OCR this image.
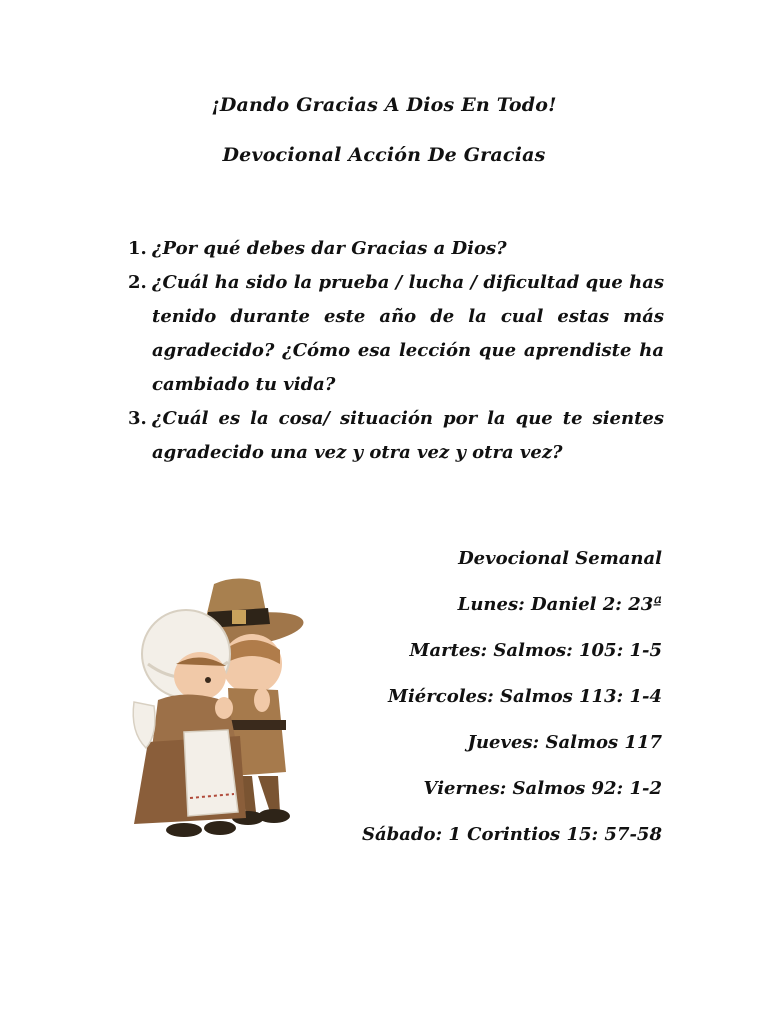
¡Dando Gracias A Dios En Todo!
Devocional Acción De Gracias
1. ¿Por qué debes dar Gracias a Dios?
2. ¿Cuál ha sido la prueba / lucha / dificultad que has tenido durante este año de la cual estas más agradecido? ¿Cómo esa lección que aprendiste ha cambiado tu vida?
3. ¿Cuál es la cosa/ situación por la que te sientes agradecido una vez y otra vez y otra vez?
Devocional Semanal
Lunes: Daniel 2: 23ª
Martes: Salmos: 105: 1-5
Miércoles: Salmos 113: 1-4
Jueves: Salmos 117
Viernes: Salmos 92: 1-2
Sábado: 1 Corintios 15: 57-58
